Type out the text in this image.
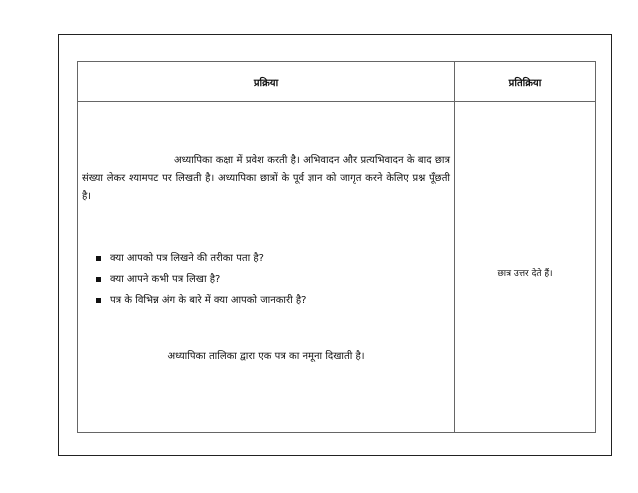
प्रक्रिया	प्रतिक्रिया
अध्यापिका कक्षा में प्रवेश करती है। अभिवादन और प्रत्यभिवादन के बाद छात्र संख्या लेकर श्यामपट पर लिखती है। अध्यापिका छात्रों के पूर्व ज्ञान को जागृत करने केलिए प्रश्न पूँछती है।
क्या आपको पत्र लिखने की तरीका पता है?
क्या आपने कभी पत्र लिखा है?
पत्र के विभिन्न अंग के बारे में क्या आपको जानकारी है?
अध्यापिका तालिका द्वारा एक पत्र का नमूना दिखाती है।
छात्र उत्तर देते हैं।
